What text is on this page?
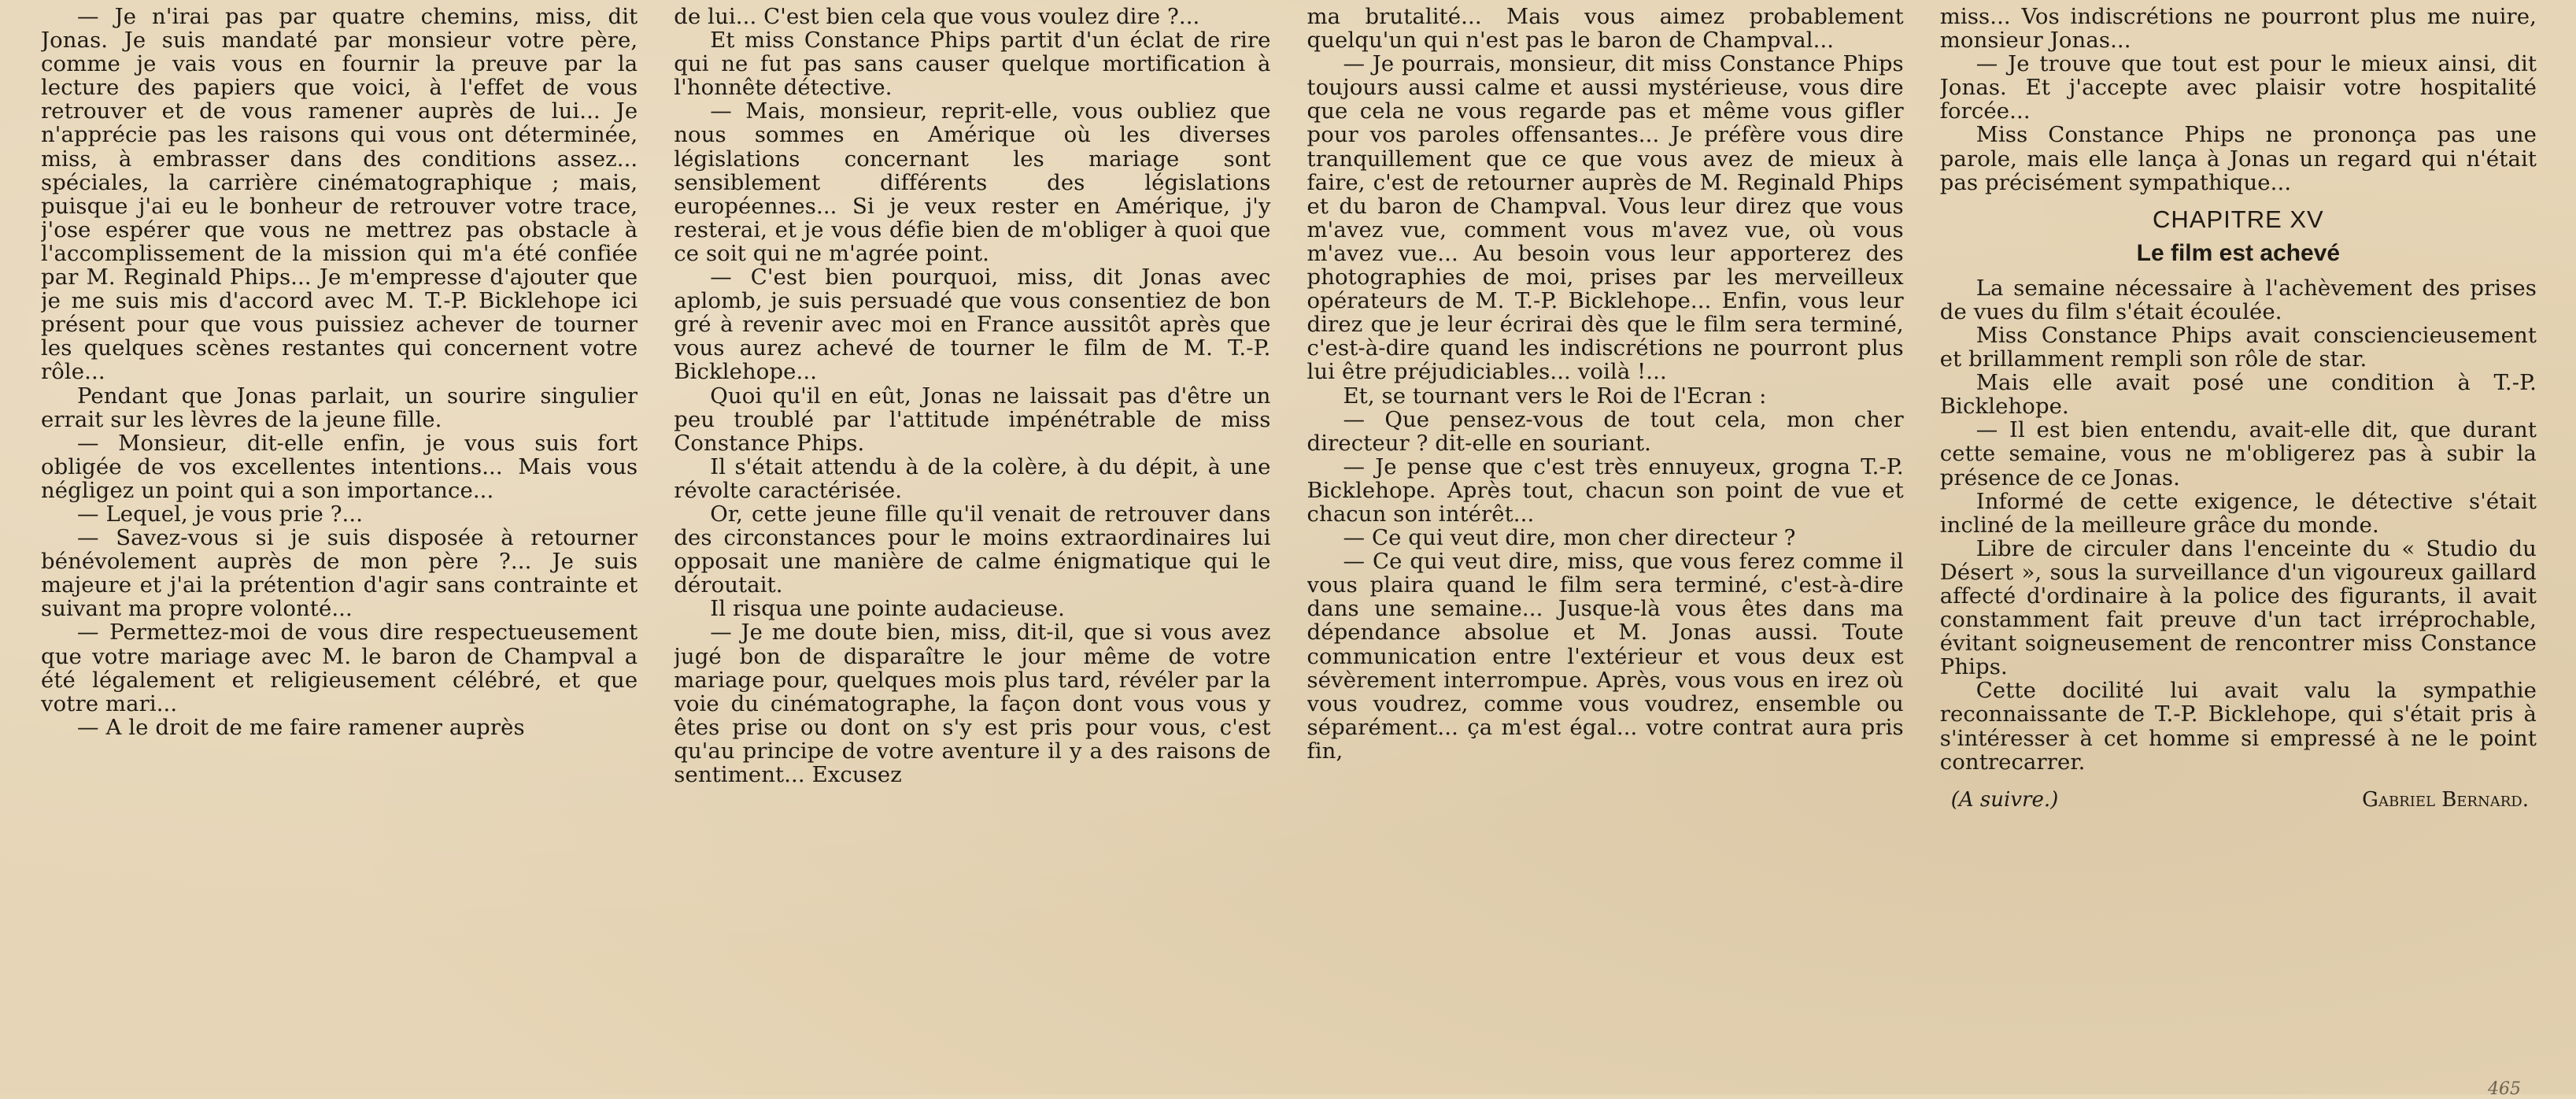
— Je n'irai pas par quatre chemins, miss, dit Jonas. Je suis mandaté par monsieur votre père, comme je vais vous en fournir la preuve par la lecture des papiers que voici, à l'effet de vous retrouver et de vous ramener auprès de lui... Je n'apprécie pas les raisons qui vous ont déterminée, miss, à embrasser dans des conditions assez... spéciales, la carrière cinématographique ; mais, puisque j'ai eu le bonheur de retrouver votre trace, j'ose espérer que vous ne mettrez pas obstacle à l'accomplissement de la mission qui m'a été confiée par M. Reginald Phips... Je m'empresse d'ajouter que je me suis mis d'accord avec M. T.-P. Bicklehope ici présent pour que vous puissiez achever de tourner les quelques scènes restantes qui concernent votre rôle...

Pendant que Jonas parlait, un sourire singulier errait sur les lèvres de la jeune fille.

— Monsieur, dit-elle enfin, je vous suis fort obligée de vos excellentes intentions... Mais vous négligez un point qui a son importance...

— Lequel, je vous prie ?...

— Savez-vous si je suis disposée à retourner bénévolement auprès de mon père ?... Je suis majeure et j'ai la prétention d'agir sans contrainte et suivant ma propre volonté...

— Permettez-moi de vous dire respectueusement que votre mariage avec M. le baron de Champval a été légalement et religieusement célébré, et que votre mari...

— A le droit de me faire ramener auprès

de lui... C'est bien cela que vous voulez dire ?...

Et miss Constance Phips partit d'un éclat de rire qui ne fut pas sans causer quelque mortification à l'honnête détective.

— Mais, monsieur, reprit-elle, vous oubliez que nous sommes en Amérique où les diverses législations concernant les mariage sont sensiblement différents des législations européennes... Si je veux rester en Amérique, j'y resterai, et je vous défie bien de m'obliger à quoi que ce soit qui ne m'agrée point.

— C'est bien pourquoi, miss, dit Jonas avec aplomb, je suis persuadé que vous consentiez de bon gré à revenir avec moi en France aussitôt après que vous aurez achevé de tourner le film de M. T.-P. Bicklehope...

Quoi qu'il en eût, Jonas ne laissait pas d'être un peu troublé par l'attitude impénétrable de miss Constance Phips.

Il s'était attendu à de la colère, à du dépit, à une révolte caractérisée.

Or, cette jeune fille qu'il venait de retrouver dans des circonstances pour le moins extraordinaires lui opposait une manière de calme énigmatique qui le déroutait.

Il risqua une pointe audacieuse.

— Je me doute bien, miss, dit-il, que si vous avez jugé bon de disparaître le jour même de votre mariage pour, quelques mois plus tard, révéler par la voie du cinématographe, la façon dont vous vous y êtes prise ou dont on s'y est pris pour vous, c'est qu'au principe de votre aventure il y a des raisons de sentiment... Excusez

ma brutalité... Mais vous aimez probablement quelqu'un qui n'est pas le baron de Champval...

— Je pourrais, monsieur, dit miss Constance Phips toujours aussi calme et aussi mystérieuse, vous dire que cela ne vous regarde pas et même vous gifler pour vos paroles offensantes... Je préfère vous dire tranquillement que ce que vous avez de mieux à faire, c'est de retourner auprès de M. Reginald Phips et du baron de Champval. Vous leur direz que vous m'avez vue, comment vous m'avez vue, où vous m'avez vue... Au besoin vous leur apporterez des photographies de moi, prises par les merveilleux opérateurs de M. T.-P. Bicklehope... Enfin, vous leur direz que je leur écrirai dès que le film sera terminé, c'est-à-dire quand les indiscrétions ne pourront plus lui être préjudiciables... voilà !...

Et, se tournant vers le Roi de l'Ecran :

— Que pensez-vous de tout cela, mon cher directeur ? dit-elle en souriant.

— Je pense que c'est très ennuyeux, grogna T.-P. Bicklehope. Après tout, chacun son point de vue et chacun son intérêt...

— Ce qui veut dire, mon cher directeur ?

— Ce qui veut dire, miss, que vous ferez comme il vous plaira quand le film sera terminé, c'est-à-dire dans une semaine... Jusque-là vous êtes dans ma dépendance absolue et M. Jonas aussi. Toute communication entre l'extérieur et vous deux est sévèrement interrompue. Après, vous vous en irez où vous voudrez, comme vous voudrez, ensemble ou séparément... ça m'est égal... votre contrat aura pris fin,

miss... Vos indiscrétions ne pourront plus me nuire, monsieur Jonas...

— Je trouve que tout est pour le mieux ainsi, dit Jonas. Et j'accepte avec plaisir votre hospitalité forcée...

Miss Constance Phips ne prononça pas une parole, mais elle lança à Jonas un regard qui n'était pas précisément sympathique...

CHAPITRE XV
Le film est achevé

La semaine nécessaire à l'achèvement des prises de vues du film s'était écoulée.

Miss Constance Phips avait consciencieusement et brillamment rempli son rôle de star.

Mais elle avait posé une condition à T.-P. Bicklehope.

— Il est bien entendu, avait-elle dit, que durant cette semaine, vous ne m'obligerez pas à subir la présence de ce Jonas.

Informé de cette exigence, le détective s'était incliné de la meilleure grâce du monde.

Libre de circuler dans l'enceinte du « Studio du Désert », sous la surveillance d'un vigoureux gaillard affecté d'ordinaire à la police des figurants, il avait constamment fait preuve d'un tact irréprochable, évitant soigneusement de rencontrer miss Constance Phips.

Cette docilité lui avait valu la sympathie reconnaissante de T.-P. Bicklehope, qui s'était pris à s'intéresser à cet homme si empressé à ne le point contrecarrer.

(A suivre.)	Gabriel Bernard.
465
